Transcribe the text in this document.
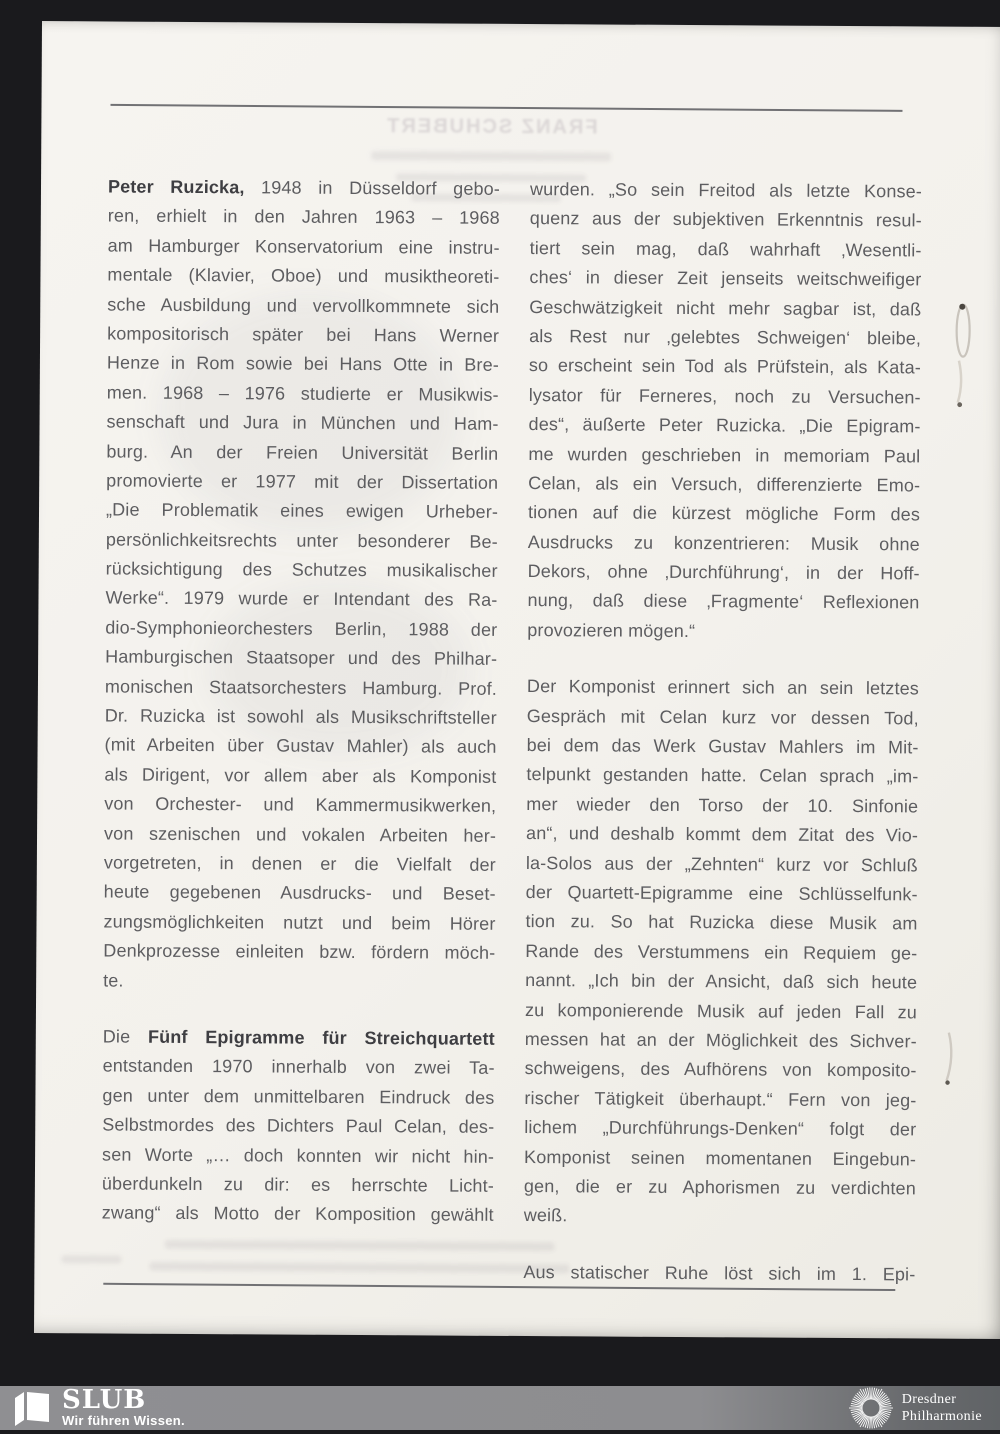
FRANZ SCHUBERT
Peter Ruzicka, 1948 in Düsseldorf gebo-
ren, erhielt in den Jahren 1963 – 1968
am Hamburger Konservatorium eine instru-
mentale (Klavier, Oboe) und musiktheoreti-
sche Ausbildung und vervollkommnete sich
kompositorisch später bei Hans Werner
Henze in Rom sowie bei Hans Otte in Bre-
men. 1968 – 1976 studierte er Musikwis-
senschaft und Jura in München und Ham-
burg. An der Freien Universität Berlin
promovierte er 1977 mit der Dissertation
„Die Problematik eines ewigen Urheber-
persönlichkeitsrechts unter besonderer Be-
rücksichtigung des Schutzes musikalischer
Werke“. 1979 wurde er Intendant des Ra-
dio-Symphonieorchesters Berlin, 1988 der
Hamburgischen Staatsoper und des Philhar-
monischen Staatsorchesters Hamburg. Prof.
Dr. Ruzicka ist sowohl als Musikschriftsteller
(mit Arbeiten über Gustav Mahler) als auch
als Dirigent, vor allem aber als Komponist
von Orchester- und Kammermusikwerken,
von szenischen und vokalen Arbeiten her-
vorgetreten, in denen er die Vielfalt der
heute gegebenen Ausdrucks- und Beset-
zungsmöglichkeiten nutzt und beim Hörer
Denkprozesse einleiten bzw. fördern möch-
te.
Die Fünf Epigramme für Streichquartett
entstanden 1970 innerhalb von zwei Ta-
gen unter dem unmittelbaren Eindruck des
Selbstmordes des Dichters Paul Celan, des-
sen Worte „… doch konnten wir nicht hin-
überdunkeln zu dir: es herrschte Licht-
zwang“ als Motto der Komposition gewählt
wurden. „So sein Freitod als letzte Konse-
quenz aus der subjektiven Erkenntnis resul-
tiert sein mag, daß wahrhaft ‚Wesentli-
ches‘ in dieser Zeit jenseits weitschweifiger
Geschwätzigkeit nicht mehr sagbar ist, daß
als Rest nur ‚gelebtes Schweigen‘ bleibe,
so erscheint sein Tod als Prüfstein, als Kata-
lysator für Ferneres, noch zu Versuchen-
des“, äußerte Peter Ruzicka. „Die Epigram-
me wurden geschrieben in memoriam Paul
Celan, als ein Versuch, differenzierte Emo-
tionen auf die kürzest mögliche Form des
Ausdrucks zu konzentrieren: Musik ohne
Dekors, ohne ‚Durchführung‘, in der Hoff-
nung, daß diese ‚Fragmente‘ Reflexionen
provozieren mögen.“
Der Komponist erinnert sich an sein letztes
Gespräch mit Celan kurz vor dessen Tod,
bei dem das Werk Gustav Mahlers im Mit-
telpunkt gestanden hatte. Celan sprach „im-
mer wieder den Torso der 10. Sinfonie
an“, und deshalb kommt dem Zitat des Vio-
la-Solos aus der „Zehnten“ kurz vor Schluß
der Quartett-Epigramme eine Schlüsselfunk-
tion zu. So hat Ruzicka diese Musik am
Rande des Verstummens ein Requiem ge-
nannt. „Ich bin der Ansicht, daß sich heute
zu komponierende Musik auf jeden Fall zu
messen hat an der Möglichkeit des Sichver-
schweigens, des Aufhörens von komposito-
rischer Tätigkeit überhaupt.“ Fern von jeg-
lichem „Durchführungs-Denken“ folgt der
Komponist seinen momentanen Eingebun-
gen, die er zu Aphorismen zu verdichten
weiß.
Aus statischer Ruhe löst sich im 1. Epi-
SLUB
Wir führen Wissen.
Dresdner
Philharmonie
